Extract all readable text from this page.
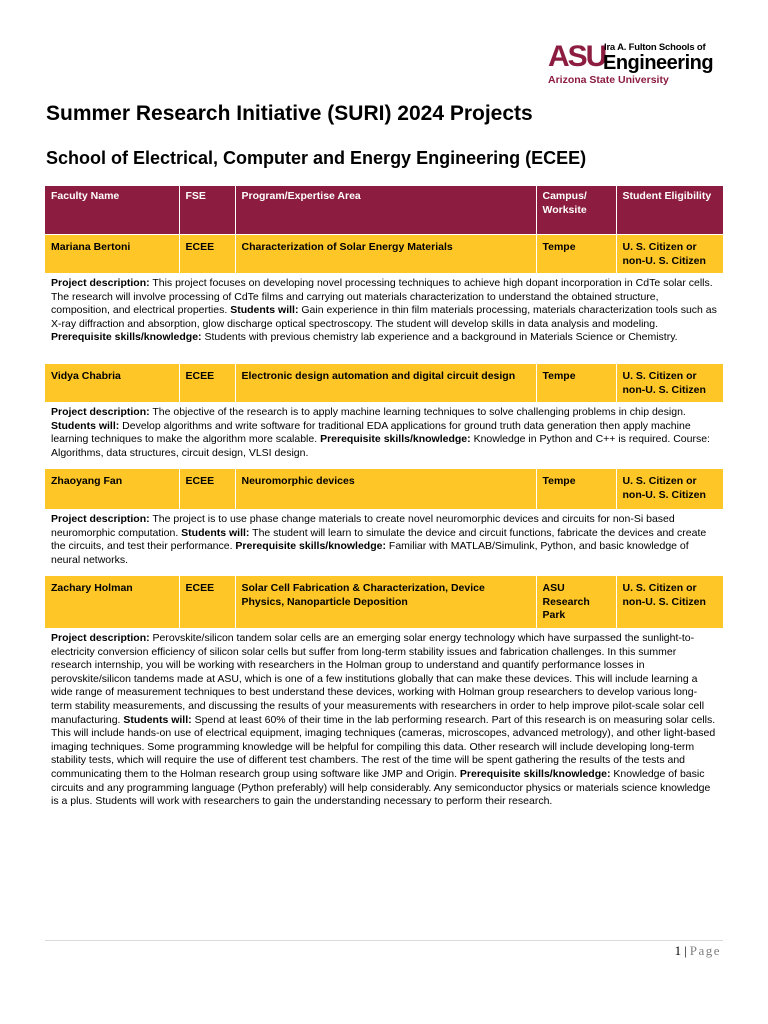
ASU
Ira A. Fulton Schools of
Engineering
Arizona State University
Summer Research Initiative (SURI) 2024 Projects
School of Electrical, Computer and Energy Engineering (ECEE)
Faculty Name	FSE	Program/Expertise Area	Campus/ Worksite	Student Eligibility
Mariana Bertoni	ECEE	Characterization of Solar Energy Materials	Tempe	U. S. Citizen or non-U. S. Citizen
Project description: This project focuses on developing novel processing techniques to achieve high dopant incorporation in CdTe solar cells. The research will involve processing of CdTe films and carrying out materials characterization to understand the obtained structure, composition, and electrical properties. Students will: Gain experience in thin film materials processing, materials characterization tools such as X-ray diffraction and absorption, glow discharge optical spectroscopy. The student will develop skills in data analysis and modeling. Prerequisite skills/knowledge: Students with previous chemistry lab experience and a background in Materials Science or Chemistry.				
Vidya Chabria	ECEE	Electronic design automation and digital circuit design	Tempe	U. S. Citizen or non-U. S. Citizen
Project description: The objective of the research is to apply machine learning techniques to solve challenging problems in chip design. Students will: Develop algorithms and write software for traditional EDA applications for ground truth data generation then apply machine learning techniques to make the algorithm more scalable. Prerequisite skills/knowledge: Knowledge in Python and C++ is required. Course: Algorithms, data structures, circuit design, VLSI design.				
Zhaoyang Fan	ECEE	Neuromorphic devices	Tempe	U. S. Citizen or non-U. S. Citizen
Project description: The project is to use phase change materials to create novel neuromorphic devices and circuits for non-Si based neuromorphic computation. Students will: The student will learn to simulate the device and circuit functions, fabricate the devices and create the circuits, and test their performance. Prerequisite skills/knowledge: Familiar with MATLAB/Simulink, Python, and basic knowledge of neural networks.				
Zachary Holman	ECEE	Solar Cell Fabrication & Characterization, Device Physics, Nanoparticle Deposition	ASU Research Park	U. S. Citizen or non-U. S. Citizen
Project description: Perovskite/silicon tandem solar cells are an emerging solar energy technology which have surpassed the sunlight-to-electricity conversion efficiency of silicon solar cells but suffer from long-term stability issues and fabrication challenges. In this summer research internship, you will be working with researchers in the Holman group to understand and quantify performance losses in perovskite/silicon tandems made at ASU, which is one of a few institutions globally that can make these devices. This will include learning a wide range of measurement techniques to best understand these devices, working with Holman group researchers to develop various long-term stability measurements, and discussing the results of your measurements with researchers in order to help improve pilot-scale solar cell manufacturing. Students will: Spend at least 60% of their time in the lab performing research. Part of this research is on measuring solar cells. This will include hands-on use of electrical equipment, imaging techniques (cameras, microscopes, advanced metrology), and other light-based imaging techniques. Some programming knowledge will be helpful for compiling this data. Other research will include developing long-term stability tests, which will require the use of different test chambers. The rest of the time will be spent gathering the results of the tests and communicating them to the Holman research group using software like JMP and Origin. Prerequisite skills/knowledge: Knowledge of basic circuits and any programming language (Python preferably) will help considerably. Any semiconductor physics or materials science knowledge is a plus. Students will work with researchers to gain the understanding necessary to perform their research.				
1 | Page
